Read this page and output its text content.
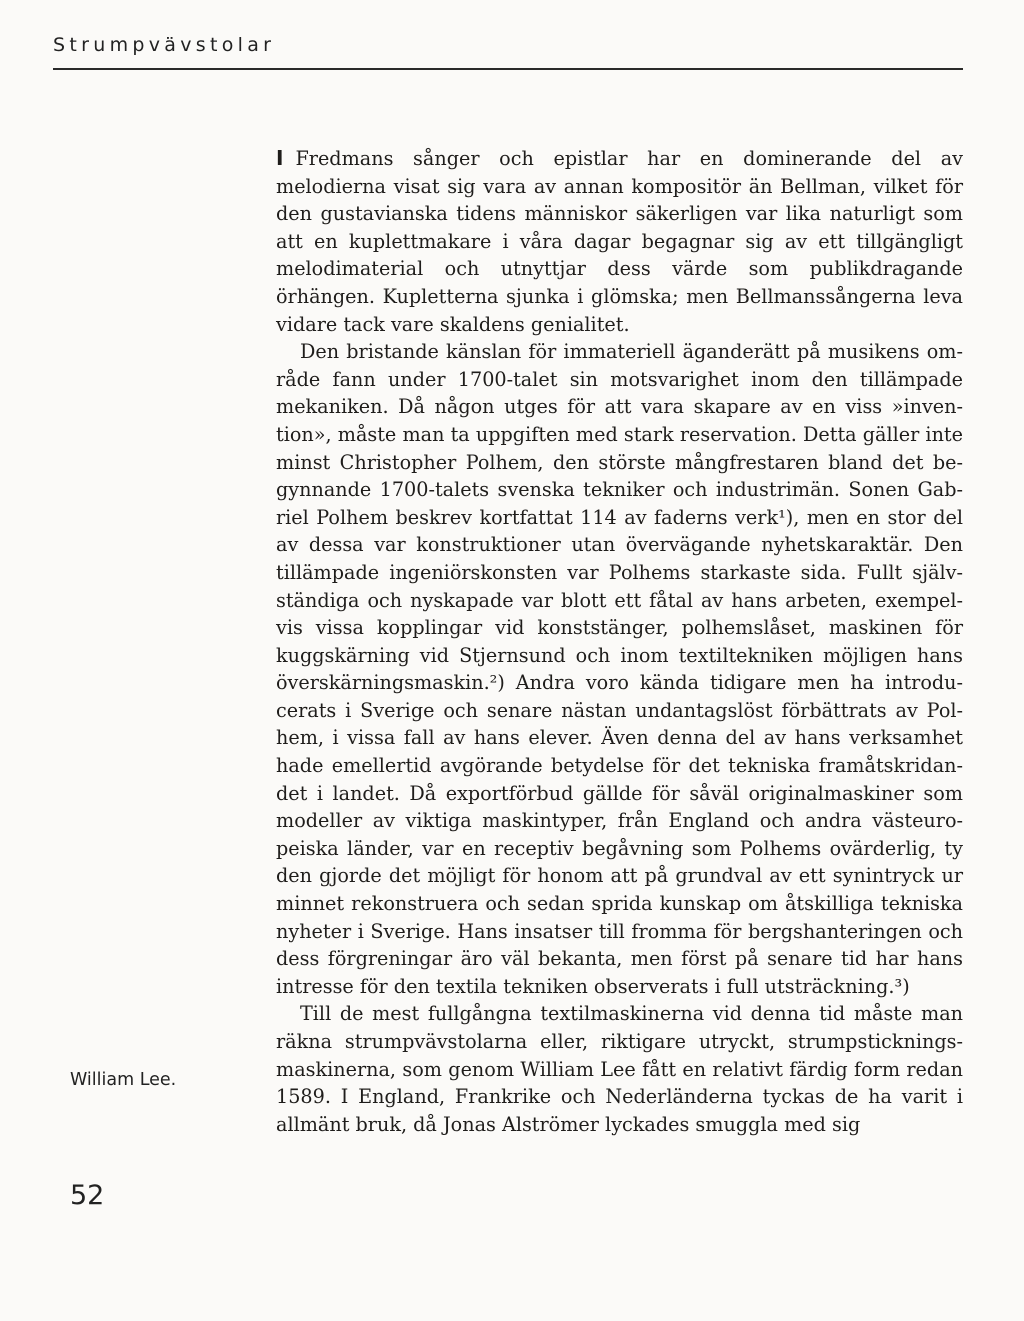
Strumpvävstolar

I Fredmans sånger och epistlar har en dominerande del av melodierna visat sig vara av annan kompositör än Bellman, vilket för den gustavianska tidens människor säkerligen var lika naturligt som att en kuplettmakare i våra dagar begagnar sig av ett tillgängligt melodimaterial och utnyttjar dess värde som publikdragande örhängen. Kupletterna sjunka i glömska; men Bellmanssångerna leva vidare tack vare skaldens genialitet.

Den bristande känslan för immateriell äganderätt på musikens område fann under 1700-talet sin motsvarighet inom den tillämpade mekaniken. Då någon utges för att vara skapare av en viss »invention», måste man ta uppgiften med stark reservation. Detta gäller inte minst Christopher Polhem, den störste mångfrestaren bland det begynnande 1700-talets svenska tekniker och industrimän. Sonen Gabriel Polhem beskrev kortfattat 114 av faderns verk¹), men en stor del av dessa var konstruktioner utan övervägande nyhetskaraktär. Den tillämpade ingeniörskonsten var Polhems starkaste sida. Fullt självständiga och nyskapade var blott ett fåtal av hans arbeten, exempelvis vissa kopplingar vid konststänger, polhemslåset, maskinen för kuggskärning vid Stjernsund och inom textiltekniken möjligen hans överskärningsmaskin.²) Andra voro kända tidigare men ha introducerats i Sverige och senare nästan undantagslöst förbättrats av Polhem, i vissa fall av hans elever. Även denna del av hans verksamhet hade emellertid avgörande betydelse för det tekniska framåtskridandet i landet. Då exportförbud gällde för såväl originalmaskiner som modeller av viktiga maskintyper, från England och andra västeuropeiska länder, var en receptiv begåvning som Polhems ovärderlig, ty den gjorde det möjligt för honom att på grundval av ett synintryck ur minnet rekonstruera och sedan sprida kunskap om åtskilliga tekniska nyheter i Sverige. Hans insatser till fromma för bergshanteringen och dess förgreningar äro väl bekanta, men först på senare tid har hans intresse för den textila tekniken observerats i full utsträckning.³)

Till de mest fullgångna textilmaskinerna vid denna tid måste man räkna strumpvävstolarna eller, riktigare utryckt, strumpstickningsmaskinerna, som genom William Lee fått en relativt färdig form redan 1589. I England, Frankrike och Nederländerna tyckas de ha varit i allmänt bruk, då Jonas Alströmer lyckades smuggla med sig

William Lee.
52
